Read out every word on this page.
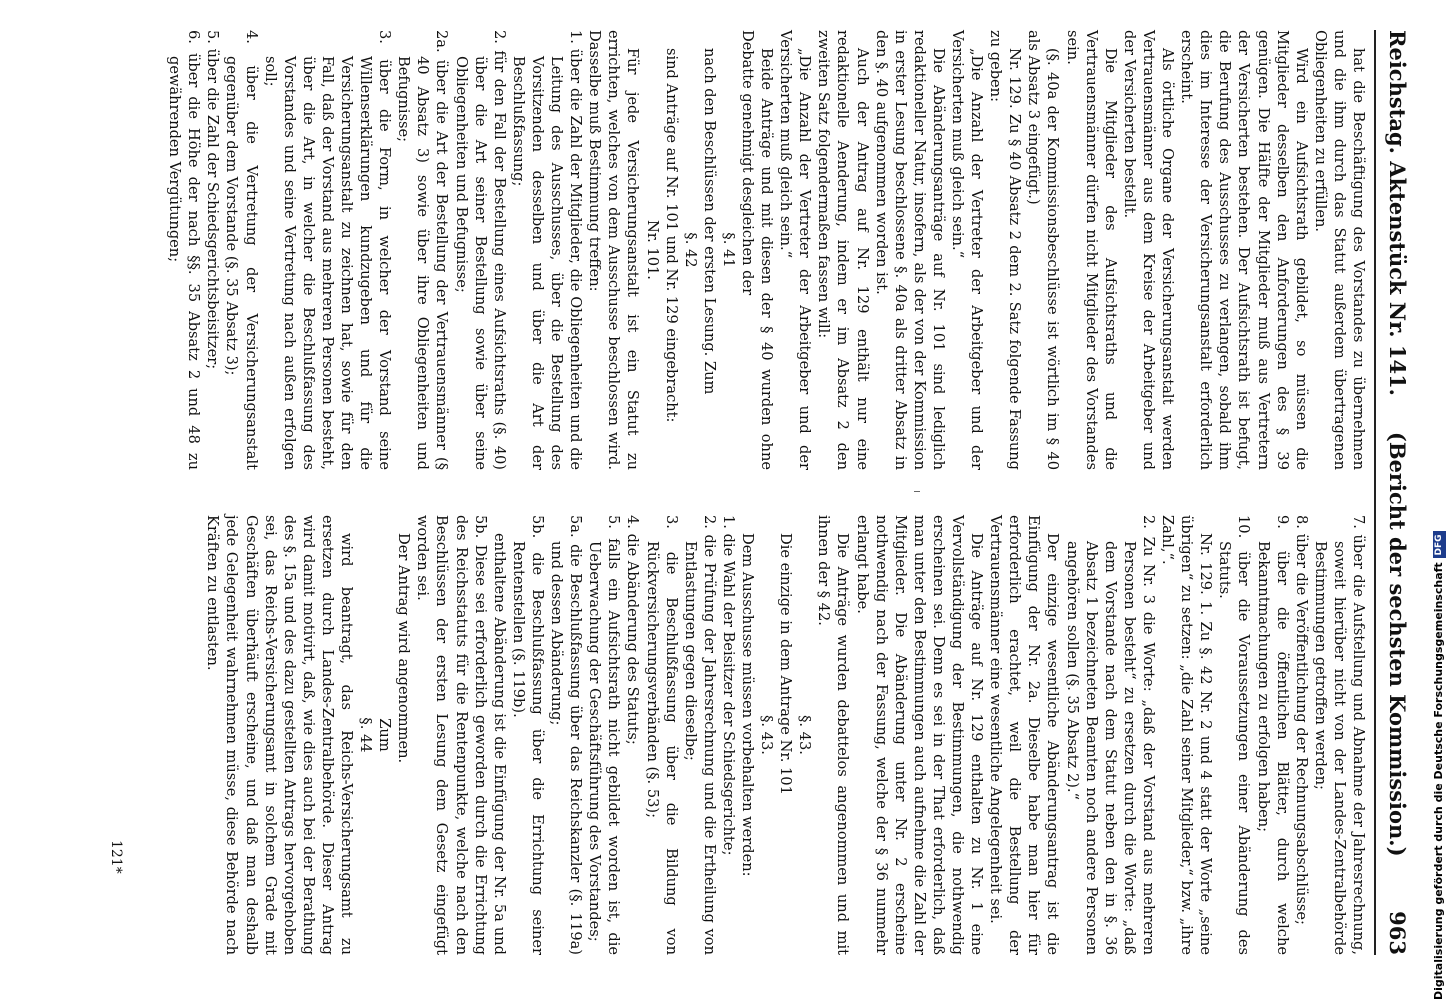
Reichstag. Aktenstück Nr. 141.
(Bericht der sechsten Kommission.)  963

hat die Beschäftigung des Vorstandes zu übernehmen und die ihm durch das Statut außerdem übertragenen Obliegenheiten zu erfüllen.

Wird ein Aufsichtsrath gebildet, so müssen die Mitglieder desselben den Anforderungen des § 39 genügen. Die Hälfte der Mitglieder muß aus Vertretern der Versicherten bestehen. Der Aufsichtsrath ist befugt, die Berufung des Ausschusses zu verlangen, sobald ihm dies im Interesse der Versicherungsanstalt erforderlich erscheint.

Als örtliche Organe der Versicherungsanstalt werden Vertrauensmänner aus dem Kreise der Arbeitgeber und der Versicherten bestellt.

Die Mitglieder des Aufsichtsraths und die Vertrauensmänner dürfen nicht Mitglieder des Vorstandes sein.

(§. 40a der Kommissionsbeschlüsse ist wörtlich im § 40 als Absatz 3 eingefügt.)

Nr. 129. Zu § 40 Absatz 2 dem 2. Satz folgende Fassung zu geben:

„Die Anzahl der Vertreter der Arbeitgeber und der Versicherten muß gleich sein.“

Die Abänderungsanträge auf Nr. 101 sind lediglich redaktioneller Natur, insofern, als der von der Kommission in erster Lesung beschlossene §. 40a als dritter Absatz in den §. 40 aufgenommen worden ist.

Auch der Antrag auf Nr. 129 enthält nur eine redaktionelle Aenderung, indem er im Absatz 2 den zweiten Satz folgendermaßen fassen will:

„Die Anzahl der Vertreter der Arbeitgeber und der Versicherten muß gleich sein.“

Beide Anträge und mit diesen der § 40 wurden ohne Debatte genehmigt desgleichen der

§. 41

nach den Beschlüssen der ersten Lesung. Zum

§. 42

sind Anträge auf Nr. 101 und Nr. 129 eingebracht:

Nr. 101.

Für jede Versicherungsanstalt ist ein Statut zu errichten, welches von dem Ausschusse beschlossen wird. Dasselbe muß Bestimmung treffen:

1. über die Zahl der Mitglieder, die Obliegenheiten und die Leitung des Ausschusses, über die Bestellung des Vorsitzenden desselben und über die Art der Beschlußfassung;

2. für den Fall der Bestellung eines Aufsichtsraths (§. 40) über die Art seiner Bestellung sowie über seine Obliegenheiten und Befugnisse;

2a. über die Art der Bestellung der Vertrauensmänner (§ 40 Absatz 3) sowie über ihre Obliegenheiten und Befugnisse;

3. über die Form, in welcher der Vorstand seine Willenserklärungen kundzugeben und für die Versicherungsanstalt zu zeichnen hat, sowie für den Fall, daß der Vorstand aus mehreren Personen besteht, über die Art, in welcher die Beschlußfassung des Vorstandes und seine Vertretung nach außen erfolgen soll;

4. über die Vertretung der Versicherungsanstalt gegenüber dem Vorstande (§. 35 Absatz 3);

5. über die Zahl der Schiedsgerichtsbeisitzer;

6. über die Höhe der nach §§. 35 Absatz 2 und 48 zu gewährenden Vergütungen;

7. über die Aufstellung und Abnahme der Jahresrechnung, soweit hierüber nicht von der Landes-Zentralbehörde Bestimmungen getroffen werden;

8. über die Veröffentlichung der Rechnungsabschlüsse;

9. über die öffentlichen Blätter, durch welche Bekanntmachungen zu erfolgen haben;

10. über die Voraussetzungen einer Abänderung des Statuts.

Nr. 129. 1. Zu §. 42 Nr. 2 und 4 statt der Worte „seine übrigen“ zu setzen: „die Zahl seiner Mitglieder,“ bzw. „ihre Zahl,“.

2. Zu Nr. 3 die Worte: „daß der Vorstand aus mehreren Personen besteht“ zu ersetzen durch die Worte: „daß dem Vorstande nach dem Statut neben den in §. 36 Absatz 1 bezeichneten Beamten noch andere Personen angehören sollen (§. 35 Absatz 2).“

Der einzige wesentliche Abänderungsantrag ist die Einfügung der Nr. 2a. Dieselbe habe man hier für erforderlich erachtet, weil die Bestellung der Vertrauensmänner eine wesentliche Angelegenheit sei.

Die Anträge auf Nr. 129 enthalten zu Nr. 1 eine Vervollständigung der Bestimmungen, die nothwendig erscheinen sei. Denn es sei in der That erforderlich, daß man unter den Bestimmungen auch aufnehme die Zahl der Mitglieder. Die Abänderung unter Nr. 2 erscheine nothwendig nach der Fassung, welche der § 36 nunmehr erlangt habe.

Die Anträge wurden debattelos angenommen und mit ihnen der § 42.

§. 43.

Die einzige in dem Antrage Nr. 101

§. 43.

Dem Ausschusse müssen vorbehalten werden:

1. die Wahl der Beisitzer der Schiedsgerichte;

2. die Prüfung der Jahresrechnung und die Ertheilung von Entlastungen gegen dieselbe;

3. die Beschlußfassung über die Bildung von Rückversicherungsverbänden (§. 53);

4. die Abänderung des Statuts;

5. falls ein Aufsichtsrath nicht gebildet worden ist, die Ueberwachung der Geschäftsführung des Vorstandes;

5a. die Beschlußfassung über das Reichskanzler (§. 119a) und dessen Abänderung;

5b. die Beschlußfassung über die Errichtung seiner Rentenstellen (§. 119b).

enthaltene Abänderung ist die Einfügung der Nr. 5a und 5b. Diese sei erforderlich geworden durch die Errichtung des Reichsstatuts für die Rentenpunkte, welche nach den Beschlüssen der ersten Lesung dem Gesetz eingefügt worden sei.

Der Antrag wird angenommen.

Zum

§. 44

wird beantragt, das Reichs-Versicherungsamt zu ersetzen durch Landes-Zentralbehörde. Dieser Antrag wird damit motivirt, daß, wie dies auch bei der Berathung des §. 15a und des dazu gestellten Antrags hervorgehoben sei, das Reichs-Versicherungsamt in solchem Grade mit Geschäften überhäuft erscheine, und daß man deshalb jede Gelegenheit wahrnehmen müsse, diese Behörde nach Kräften zu entlasten.

121*	Digitalisierung gefördert durch die Deutsche Forschungsgemeinschaft DFG
